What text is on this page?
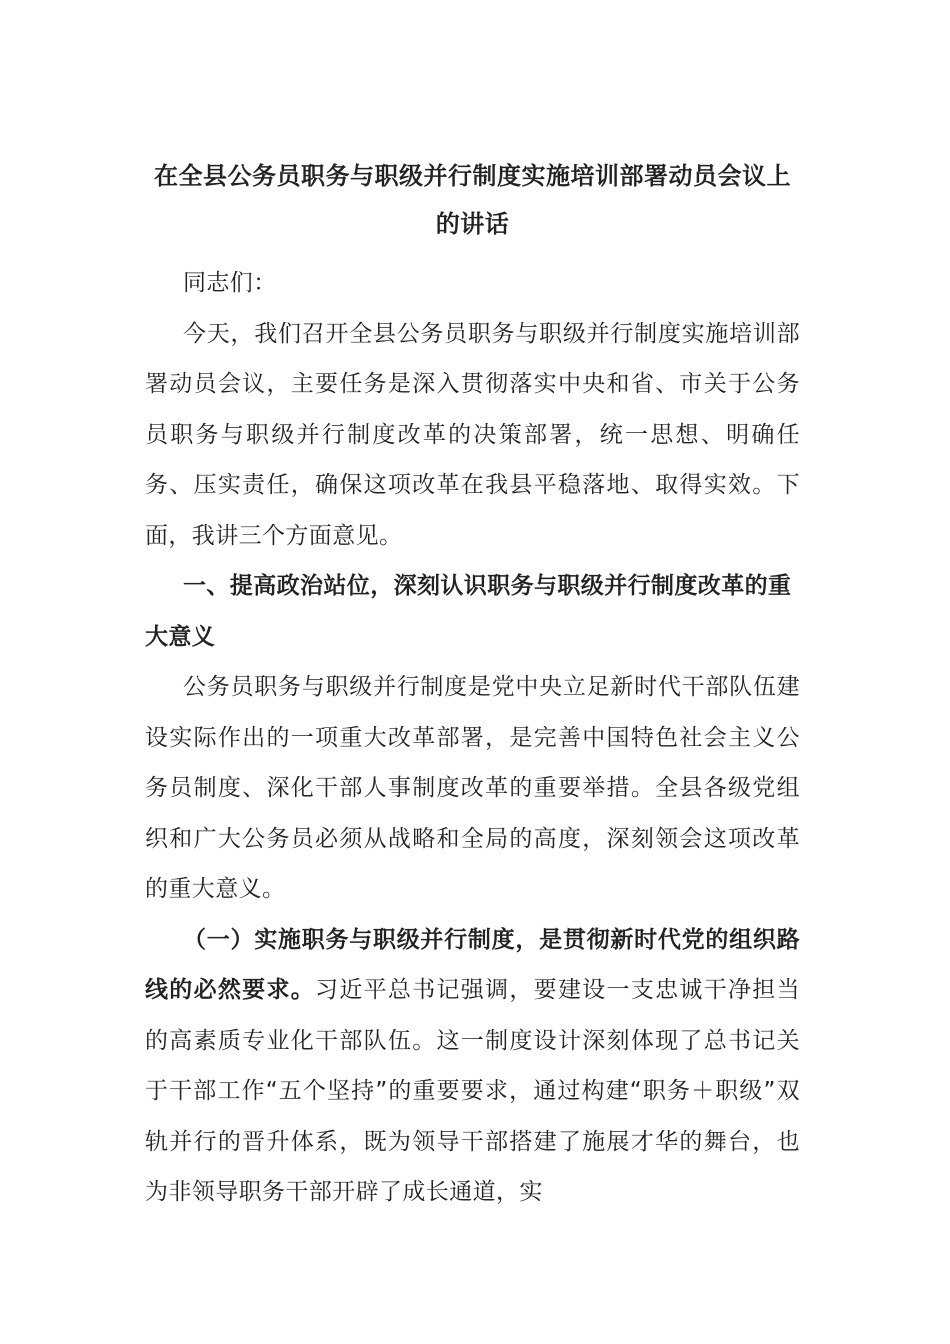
在全县公务员职务与职级并行制度实施培训部署动员会议上的讲话

同志们：

今天，我们召开全县公务员职务与职级并行制度实施培训部署动员会议，主要任务是深入贯彻落实中央和省、市关于公务员职务与职级并行制度改革的决策部署，统一思想、明确任务、压实责任，确保这项改革在我县平稳落地、取得实效。下面，我讲三个方面意见。

一、提高政治站位，深刻认识职务与职级并行制度改革的重大意义

公务员职务与职级并行制度是党中央立足新时代干部队伍建设实际作出的一项重大改革部署，是完善中国特色社会主义公务员制度、深化干部人事制度改革的重要举措。全县各级党组织和广大公务员必须从战略和全局的高度，深刻领会这项改革的重大意义。

（一）实施职务与职级并行制度，是贯彻新时代党的组织路线的必然要求。习近平总书记强调，要建设一支忠诚干净担当的高素质专业化干部队伍。这一制度设计深刻体现了总书记关于干部工作“五个坚持”的重要要求，通过构建“职务＋职级”双轨并行的晋升体系，既为领导干部搭建了施展才华的舞台，也为非领导职务干部开辟了成长通道，实
